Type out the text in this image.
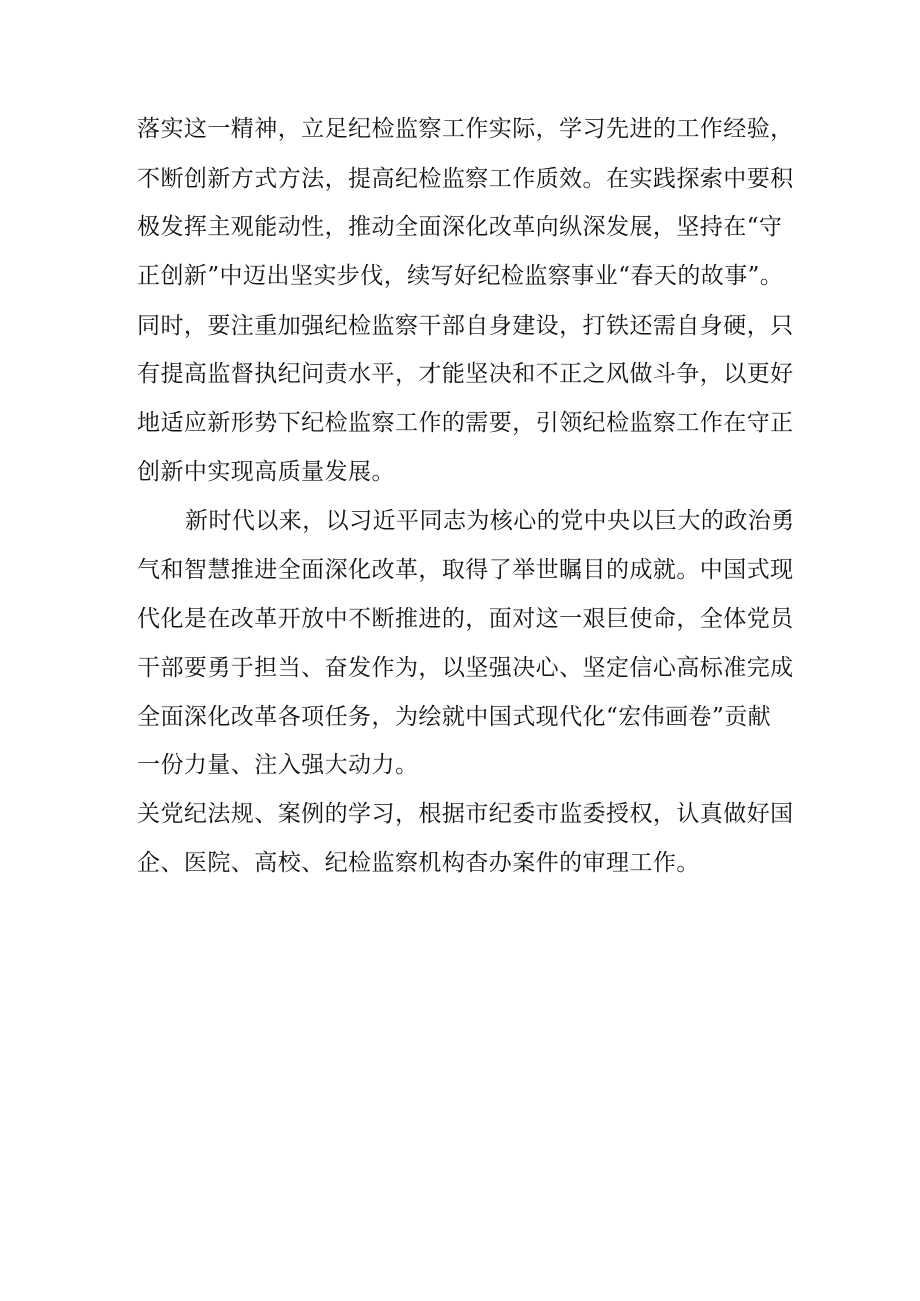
落实这一精神，立足纪检监察工作实际，学习先进的工作经验，
不断创新方式方法，提高纪检监察工作质效。在实践探索中要积
极发挥主观能动性，推动全面深化改革向纵深发展，坚持在“守
正创新”中迈出坚实步伐，续写好纪检监察事业“春天的故事”。
同时，要注重加强纪检监察干部自身建设，打铁还需自身硬，只
有提高监督执纪问责水平，才能坚决和不正之风做斗争，以更好
地适应新形势下纪检监察工作的需要，引领纪检监察工作在守正
创新中实现高质量发展。
新时代以来，以习近平同志为核心的党中央以巨大的政治勇
气和智慧推进全面深化改革，取得了举世瞩目的成就。中国式现
代化是在改革开放中不断推进的，面对这一艰巨使命，全体党员
干部要勇于担当、奋发作为，以坚强决心、坚定信心高标准完成
全面深化改革各项任务，为绘就中国式现代化“宏伟画卷”贡献
一份力量、注入强大动力。
关党纪法规、案例的学习，根据市纪委市监委授权，认真做好国
企、医院、高校、纪检监察机构杳办案件的审理工作。
